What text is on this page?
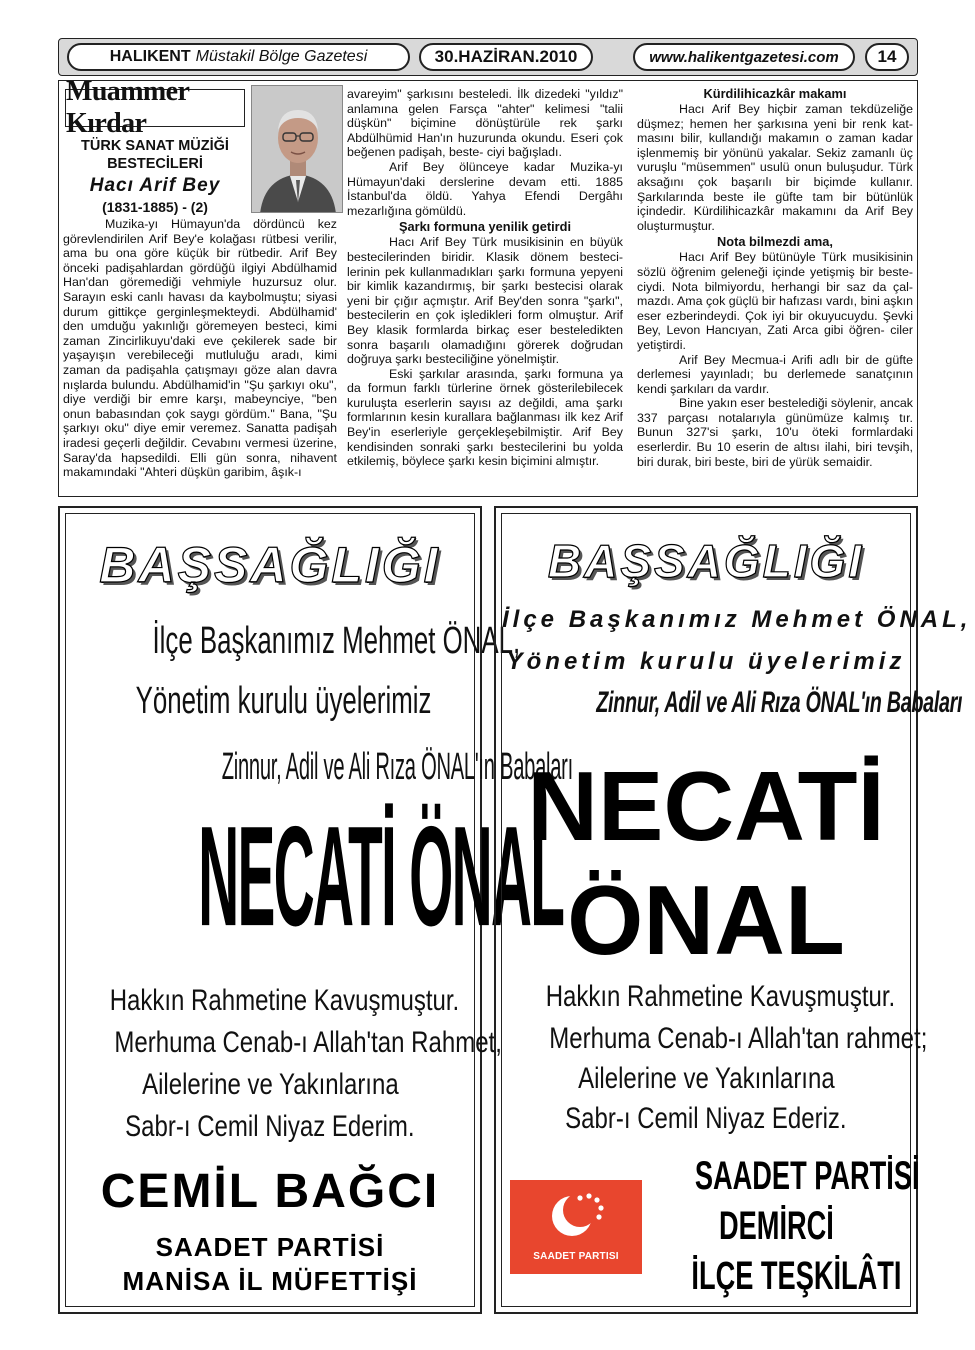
HALIKENT Müstakil Bölge Gazetesi	30.HAZİRAN.2010	www.halikentgazetesi.com	14
Muammer Kırdar
TÜRK SANAT MÜZİĞİ BESTECİLERİ
Hacı Arif Bey
(1831-1885) - (2)

Muzika-yı Hümayun'da dördüncü kez görevlendirilen Arif Bey'e kolağası rütbesi verilir, ama bu ona göre küçük bir rütbedir. Arif Bey önceki padişahlardan gördüğü ilgiyi Abdülhamid Han'dan göremediği vehmiyle huzursuz olur. Sarayın eski canlı havası da kaybolmuştu; siyasi durum gittikçe gerginleşmekteydi. Abdülhamid' den umduğu yakınlığı göremeyen besteci, kimi zaman Zincirlikuyu'daki eve çekilerek sade bir yaşayışın verebileceği mutluluğu aradı, kimi zaman da padişahla çatışmayı göze alan davra nışlarda bulundu. Abdülhamid'in "Şu şarkıyı oku", diye verdiği bir emre karşı, mabeynciye, "ben onun babasından çok saygı gördüm." Bana, "Şu şarkıyı oku" diye emir veremez. Sanatta padişah iradesi geçerli değildir. Cevabını vermesi üzerine, Saray'da hapsedildi. Elli gün sonra, nihavent makamındaki "Ahteri düşkün garibim, âşık-ı

avareyim" şarkısını besteledi. İlk dizedeki "yıldız" anlamına gelen Farsça "ahter" kelimesi "talii düşkün" biçimine dönüştürüle rek şarkı Abdülhümid Han'ın huzurunda okundu. Eseri çok beğenen padişah, beste- ciyi bağışladı.

Arif Bey ölünceye kadar Muzika-yı Hümayun'daki derslerine devam etti. 1885 İstanbul'da öldü. Yahya Efendi Dergâhı mezarlığına gömüldü.

Şarkı formuna yenilik getirdi

Hacı Arif Bey Türk musikisinin en büyük bestecilerinden biridir. Klasik dönem besteci- lerinin pek kullanmadıkları şarkı formuna yepyeni bir kimlik kazandırmış, bir şarkı bestecisi olarak yeni bir çığır açmıştır. Arif Bey'den sonra "şarkı", bestecilerin en çok işledikleri form olmuştur. Arif Bey klasik formlarda birkaç eser besteledikten sonra başarılı olamadığını görerek doğrudan doğruya şarkı besteciliğine yönelmiştir.

Eski şarkılar arasında, şarkı formuna ya da formun farklı türlerine örnek gösterilebilecek kuruluşta eserlerin sayısı az değildi, ama şarkı formlarının kesin kurallara bağlanması ilk kez Arif Bey'in eserleriyle gerçekleşebilmiştir. Arif Bey kendisinden sonraki şarkı bestecilerini bu yolda etkilemiş, böylece şarkı kesin biçimini almıştır.

Kürdilihicazkâr makamı

Hacı Arif Bey hiçbir zaman tekdüzeliğe düşmez; hemen her şarkısına yeni bir renk kat- masını bilir, kullandığı makamın o zaman kadar işlenmemiş bir yönünü yakalar. Sekiz zamanlı üç vuruşlu "müsemmen" usulü onun buluşudur. Türk aksağını çok başarılı bir biçimde kullanır. Şarkılarında beste ile güfte tam bir bütünlük içindedir. Kürdilihicazkâr makamını da Arif Bey oluşturmuştur.

Nota bilmezdi ama,

Hacı Arif Bey bütünüyle Türk musikisinin sözlü öğrenim geleneği içinde yetişmiş bir beste- ciydi. Nota bilmiyordu, herhangi bir saz da çal- mazdı. Ama çok güçlü bir hafızası vardı, bini aşkın eser ezberindeydi. Çok iyi bir okuyucuydu. Şevki Bey, Levon Hancıyan, Zati Arca gibi öğren- ciler yetiştirdi.

Arif Bey Mecmua-i Arifi adlı bir de güfte derlemesi yayınladı; bu derlemede sanatçının kendi şarkıları da vardır.

Bine yakın eser bestelediği söylenir, ancak 337 parçası notalarıyla günümüze kalmış tır. Bunun 327'si şarkı, 10'u öteki formlardaki eserlerdir. Bu 10 eserin de altısı ilahi, biri tevşih, biri durak, biri beste, biri de yürük semaidir.

BAŞSAĞLIĞI
İlçe Başkanımız Mehmet ÖNAL,
Yönetim kurulu üyelerimiz
Zinnur, Adil ve Ali Rıza ÖNAL'ın Babaları
NECATİ ÖNAL
Hakkın Rahmetine Kavuşmuştur.
Merhuma Cenab-ı Allah'tan Rahmet,
Ailelerine ve Yakınlarına
Sabr-ı Cemil Niyaz Ederim.
CEMİL BAĞCI
SAADET PARTİSİ
MANİSA İL MÜFETTİŞİ
BAŞSAĞLIĞI
İlçe Başkanımız Mehmet ÖNAL,
Yönetim kurulu üyelerimiz
Zinnur, Adil ve Ali Rıza ÖNAL'ın Babaları
NECATİ
ÖNAL
Hakkın Rahmetine Kavuşmuştur.
Merhuma Cenab-ı Allah'tan rahmet;
Ailelerine ve Yakınlarına
Sabr-ı Cemil Niyaz Ederiz.
SAADET PARTISI
SAADET PARTİSİ
DEMİRCİ
İLÇE TEŞKİLÂTI
